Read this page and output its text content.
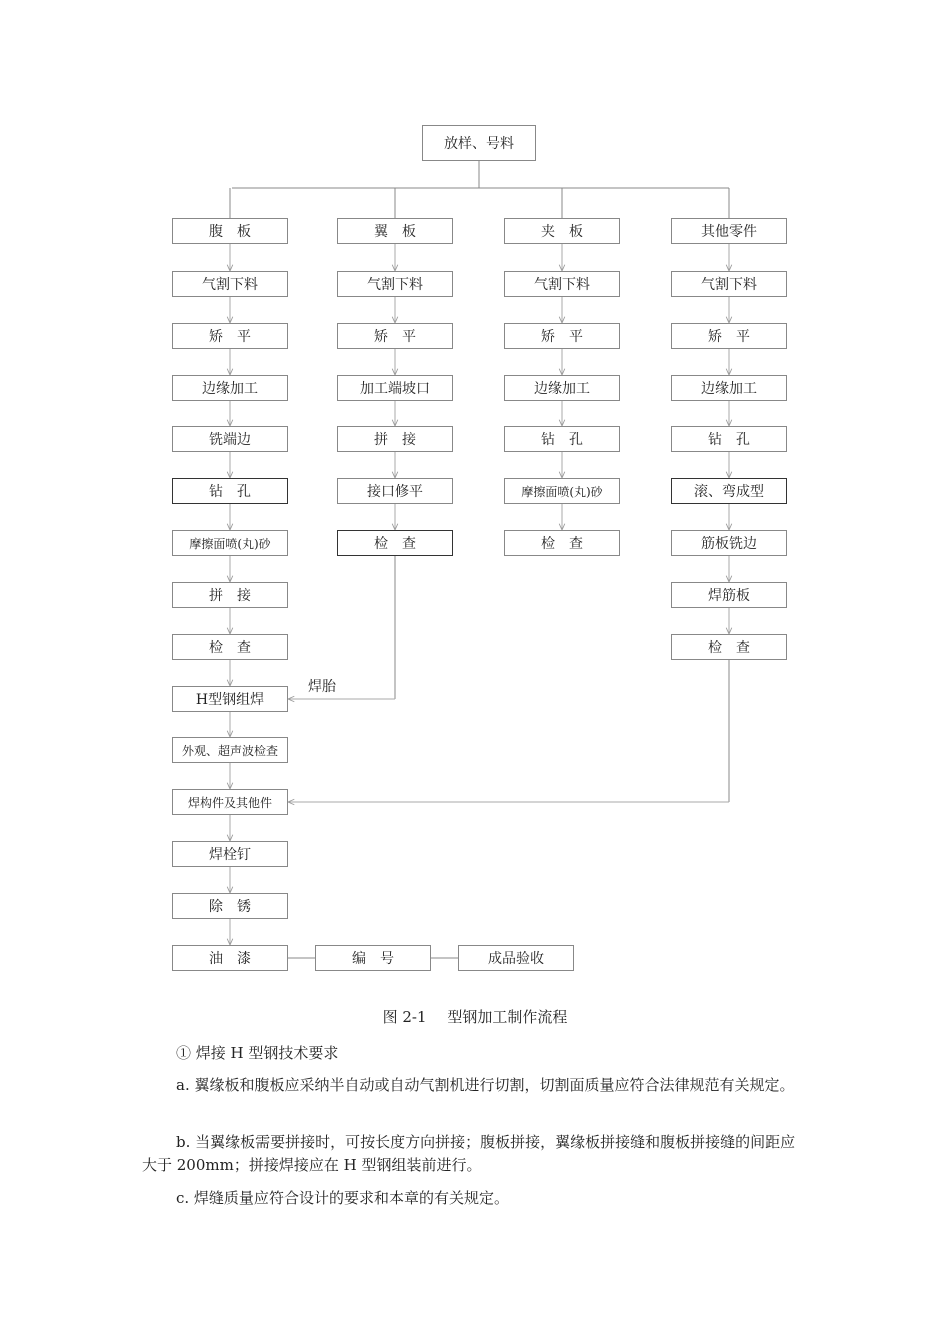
放样、号料
焊胎
腹　板
气割下料
矫　平
边缘加工
铣端边
钻　孔
摩擦面喷(丸)砂
拼　接
检　查
翼　板
气割下料
矫　平
加工端坡口
拼　接
接口修平
检　查
夹　板
气割下料
矫　平
边缘加工
钻　孔
摩擦面喷(丸)砂
检　查
其他零件
气割下料
矫　平
边缘加工
钻　孔
滚、弯成型
筋板铣边
焊筋板
检　查
H型钢组焊
外观、超声波检查
焊构件及其他件
焊栓钉
除　锈
油　漆	编　号	成品验收
图 2-1 型钢加工制作流程
① 焊接 H 型钢技术要求
a. 翼缘板和腹板应采纳半自动或自动气割机进行切割，切割面质量应符合法律规范有关规定。
b. 当翼缘板需要拼接时，可按长度方向拼接；腹板拼接，翼缘板拼接缝和腹板拼接缝的间距应大于 200mm；拼接焊接应在 H 型钢组装前进行。
c. 焊缝质量应符合设计的要求和本章的有关规定。
